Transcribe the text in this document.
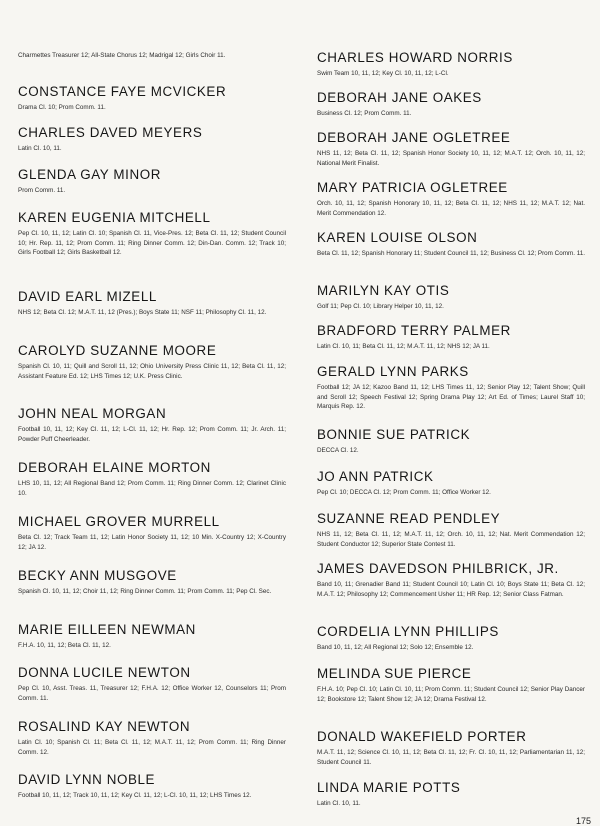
Charmettes Treasurer 12; All-State Chorus 12; Madrigal 12; Girls Choir 11.
CONSTANCE FAYE MCVICKER
Drama Cl. 10; Prom Comm. 11.
CHARLES DAVED MEYERS
Latin Cl. 10, 11.
GLENDA GAY MINOR
Prom Comm. 11.
KAREN EUGENIA MITCHELL
Pep Cl. 10, 11, 12; Latin Cl. 10; Spanish Cl. 11, Vice-Pres. 12; Beta Cl. 11, 12; Student Council 10; Hr. Rep. 11, 12; Prom Comm. 11; Ring Dinner Comm. 12; Din-Dan. Comm. 12; Track 10; Girls Football 12; Girls Basketball 12.
DAVID EARL MIZELL
NHS 12; Beta Cl. 12; M.A.T. 11, 12 (Pres.); Boys State 11; NSF 11; Philosophy Cl. 11, 12.
CAROLYD SUZANNE MOORE
Spanish Cl. 10, 11; Quill and Scroll 11, 12; Ohio University Press Clinic 11, 12; Beta Cl. 11, 12; Assistant Feature Ed. 12; LHS Times 12; U.K. Press Clinic.
JOHN NEAL MORGAN
Football 10, 11, 12; Key Cl. 11, 12; L-Cl. 11, 12; Hr. Rep. 12; Prom Comm. 11; Jr. Arch. 11; Powder Puff Cheerleader.
DEBORAH ELAINE MORTON
LHS 10, 11, 12; All Regional Band 12; Prom Comm. 11; Ring Dinner Comm. 12; Clarinet Clinic 10.
MICHAEL GROVER MURRELL
Beta Cl. 12; Track Team 11, 12; Latin Honor Society 11, 12; 10 Min. X-Country 12; X-Country 12; JA 12.
BECKY ANN MUSGOVE
Spanish Cl. 10, 11, 12; Choir 11, 12; Ring Dinner Comm. 11; Prom Comm. 11; Pep Cl. Sec.
MARIE EILLEEN NEWMAN
F.H.A. 10, 11, 12; Beta Cl. 11, 12.
DONNA LUCILE NEWTON
Pep Cl. 10, Asst. Treas. 11, Treasurer 12; F.H.A. 12; Office Worker 12, Counselors 11; Prom Comm. 11.
ROSALIND KAY NEWTON
Latin Cl. 10; Spanish Cl. 11; Beta Cl. 11, 12; M.A.T. 11, 12; Prom Comm. 11; Ring Dinner Comm. 12.
DAVID LYNN NOBLE
Football 10, 11, 12; Track 10, 11, 12; Key Cl. 11, 12; L-Cl. 10, 11, 12; LHS Times 12.
CHARLES HOWARD NORRIS
Swim Team 10, 11, 12; Key Cl. 10, 11, 12; L-Cl.
DEBORAH JANE OAKES
Business Cl. 12; Prom Comm. 11.
DEBORAH JANE OGLETREE
NHS 11, 12; Beta Cl. 11, 12; Spanish Honor Society 10, 11, 12; M.A.T. 12; Orch. 10, 11, 12; National Merit Finalist.
MARY PATRICIA OGLETREE
Orch. 10, 11, 12; Spanish Honorary 10, 11, 12; Beta Cl. 11, 12; NHS 11, 12; M.A.T. 12; Nat. Merit Commendation 12.
KAREN LOUISE OLSON
Beta Cl. 11, 12; Spanish Honorary 11; Student Council 11, 12; Business Cl. 12; Prom Comm. 11.
MARILYN KAY OTIS
Golf 11; Pep Cl. 10; Library Helper 10, 11, 12.
BRADFORD TERRY PALMER
Latin Cl. 10, 11; Beta Cl. 11, 12; M.A.T. 11, 12; NHS 12; JA 11.
GERALD LYNN PARKS
Football 12; JA 12; Kazoo Band 11, 12; LHS Times 11, 12; Senior Play 12; Talent Show; Quill and Scroll 12; Speech Festival 12; Spring Drama Play 12; Art Ed. of Times; Laurel Staff 10; Marquis Rep. 12.
BONNIE SUE PATRICK
DECCA Cl. 12.
JO ANN PATRICK
Pep Cl. 10; DECCA Cl. 12; Prom Comm. 11; Office Worker 12.
SUZANNE READ PENDLEY
NHS 11, 12; Beta Cl. 11, 12; M.A.T. 11, 12; Orch. 10, 11, 12; Nat. Merit Commendation 12; Student Conductor 12; Superior State Contest 11.
JAMES DAVEDSON PHILBRICK, JR.
Band 10, 11; Grenadier Band 11; Student Council 10; Latin Cl. 10; Boys State 11; Beta Cl. 12; M.A.T. 12; Philosophy 12; Commencement Usher 11; HR Rep. 12; Senior Class Fatman.
CORDELIA LYNN PHILLIPS
Band 10, 11, 12; All Regional 12; Solo 12; Ensemble 12.
MELINDA SUE PIERCE
F.H.A. 10; Pep Cl. 10; Latin Cl. 10, 11; Prom Comm. 11; Student Council 12; Senior Play Dancer 12; Bookstore 12; Talent Show 12; JA 12; Drama Festival 12.
DONALD WAKEFIELD PORTER
M.A.T. 11, 12; Science Cl. 10, 11, 12; Beta Cl. 11, 12; Fr. Cl. 10, 11, 12; Parliamentarian 11, 12; Student Council 11.
LINDA MARIE POTTS
Latin Cl. 10, 11.
175
